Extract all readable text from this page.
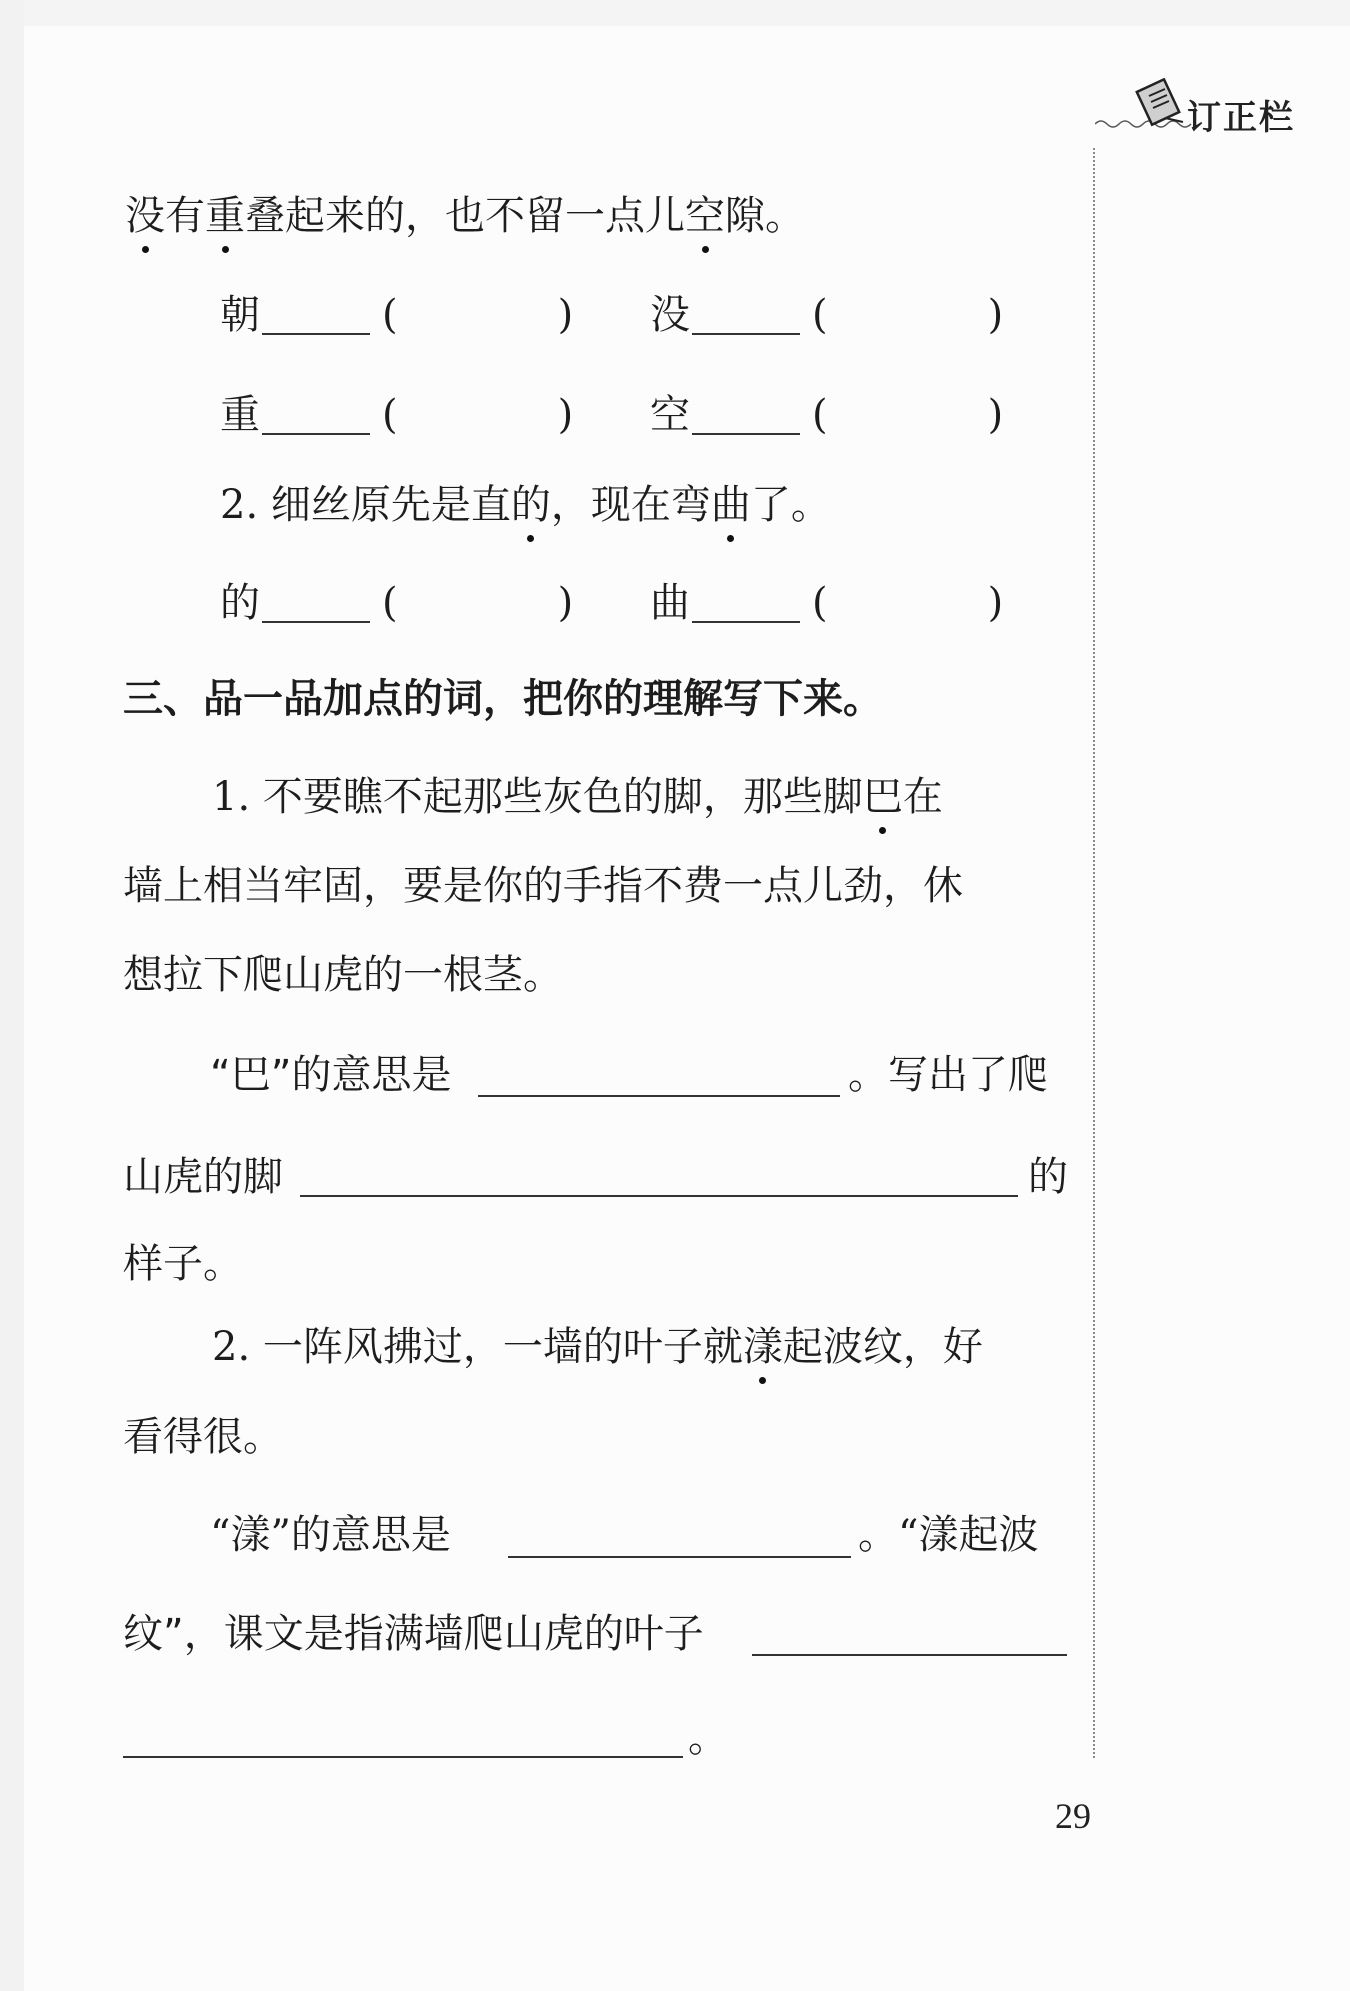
订正栏
没有重叠起来的，也不留一点儿空隙。
朝	(	) 没	(	)
重	(	) 空	(	)
2. 细丝原先是直的，现在弯曲了。
的	(	) 曲	(	)
三、品一品加点的词，把你的理解写下来。
1. 不要瞧不起那些灰色的脚，那些脚巴在
墙上相当牢固，要是你的手指不费一点儿劲，休
想拉下爬山虎的一根茎。
“巴”的意思是	。写出了爬
山虎的脚	的
样子。
2. 一阵风拂过，一墙的叶子就漾起波纹，好
看得很。
“漾”的意思是	。“漾起波
纹”，课文是指满墙爬山虎的叶子
。
29
